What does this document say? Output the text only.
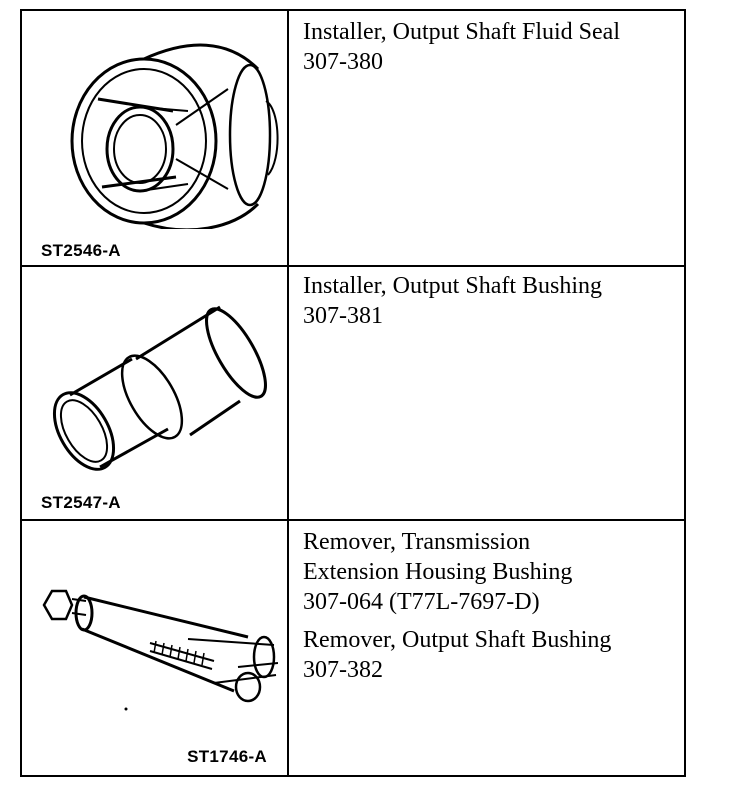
ST2546-A
Installer, Output Shaft Fluid Seal
307-380
ST2547-A
Installer, Output Shaft Bushing
307-381
ST1746-A
Remover, Transmission
Extension Housing Bushing
307-064 (T77L-7697-D)
Remover, Output Shaft Bushing
307-382
